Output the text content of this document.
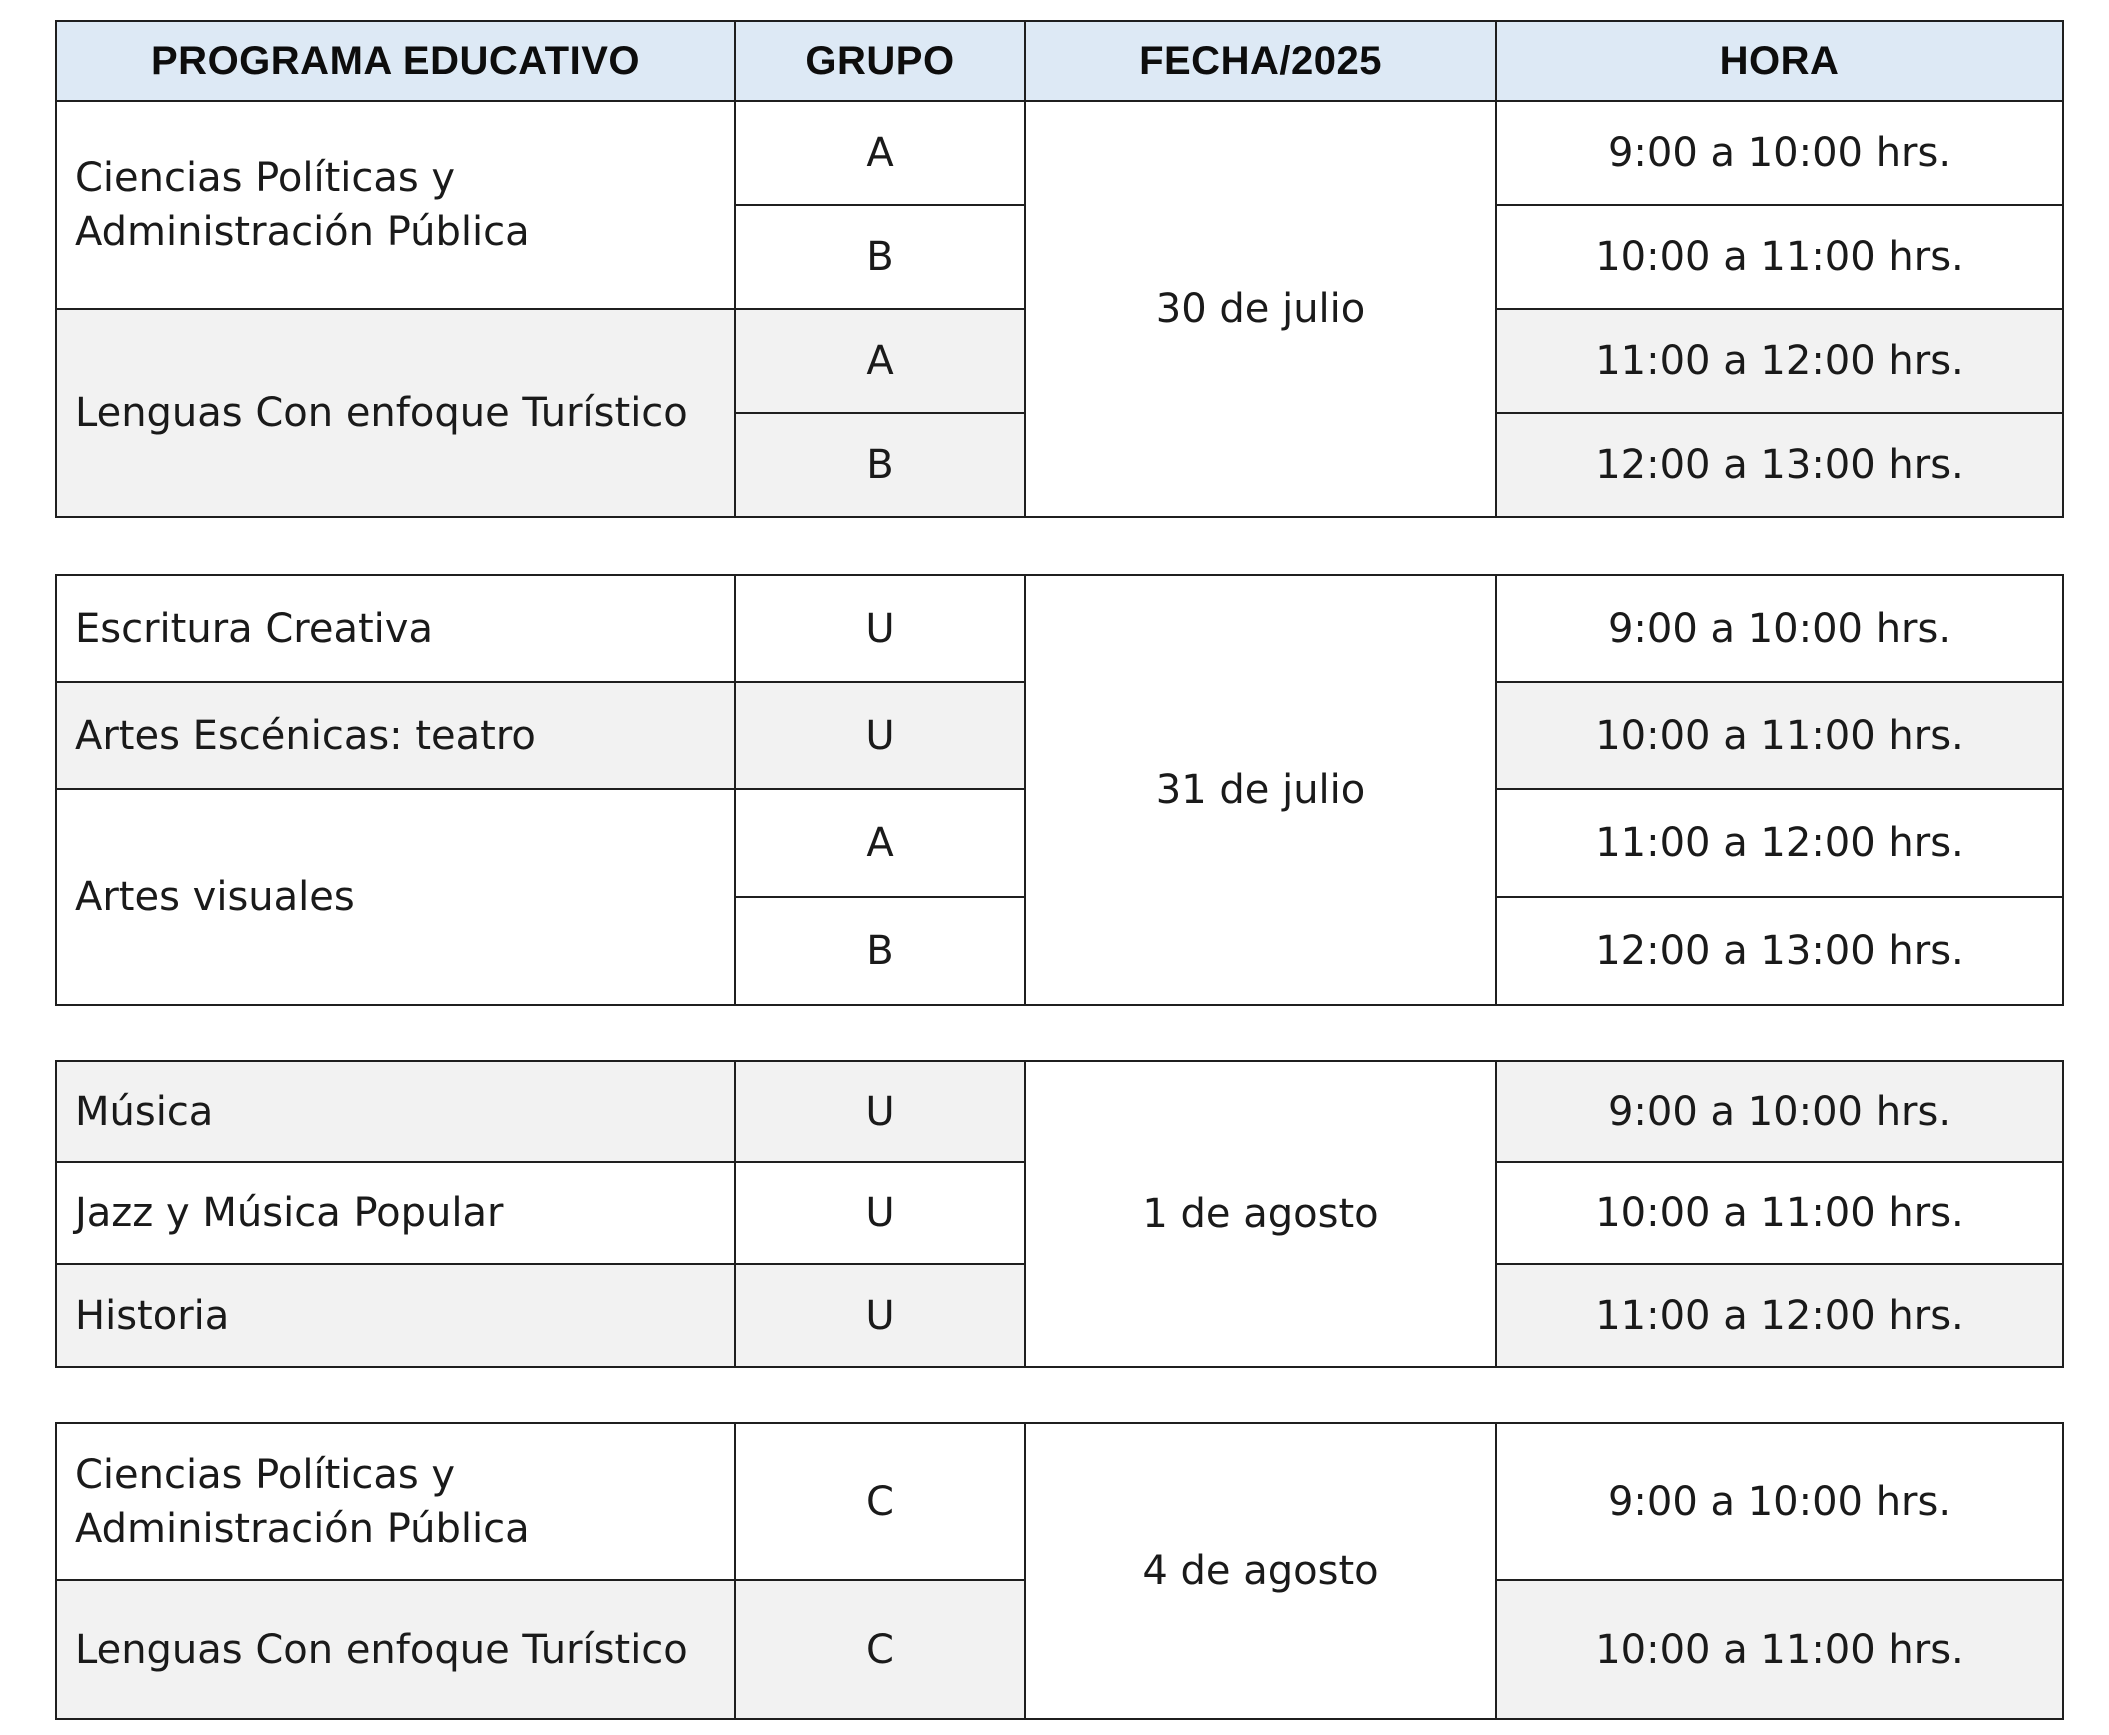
PROGRAMA EDUCATIVO	GRUPO	FECHA/2025	HORA
Ciencias Políticas y Administración Pública	A	30 de julio	9:00 a 10:00 hrs.
	B		10:00 a 11:00 hrs.
Lenguas Con enfoque Turístico	A		11:00 a 12:00 hrs.
	B		12:00 a 13:00 hrs.
Escritura Creativa	U	31 de julio	9:00 a 10:00 hrs.
Artes Escénicas: teatro	U		10:00 a 11:00 hrs.
Artes visuales	A		11:00 a 12:00 hrs.
	B		12:00 a 13:00 hrs.
Música	U	1 de agosto	9:00 a 10:00 hrs.
Jazz y Música Popular	U		10:00 a 11:00 hrs.
Historia	U		11:00 a 12:00 hrs.
Ciencias Políticas y Administración Pública	C	4 de agosto	9:00 a 10:00 hrs.
Lenguas Con enfoque Turístico	C		10:00 a 11:00 hrs.
